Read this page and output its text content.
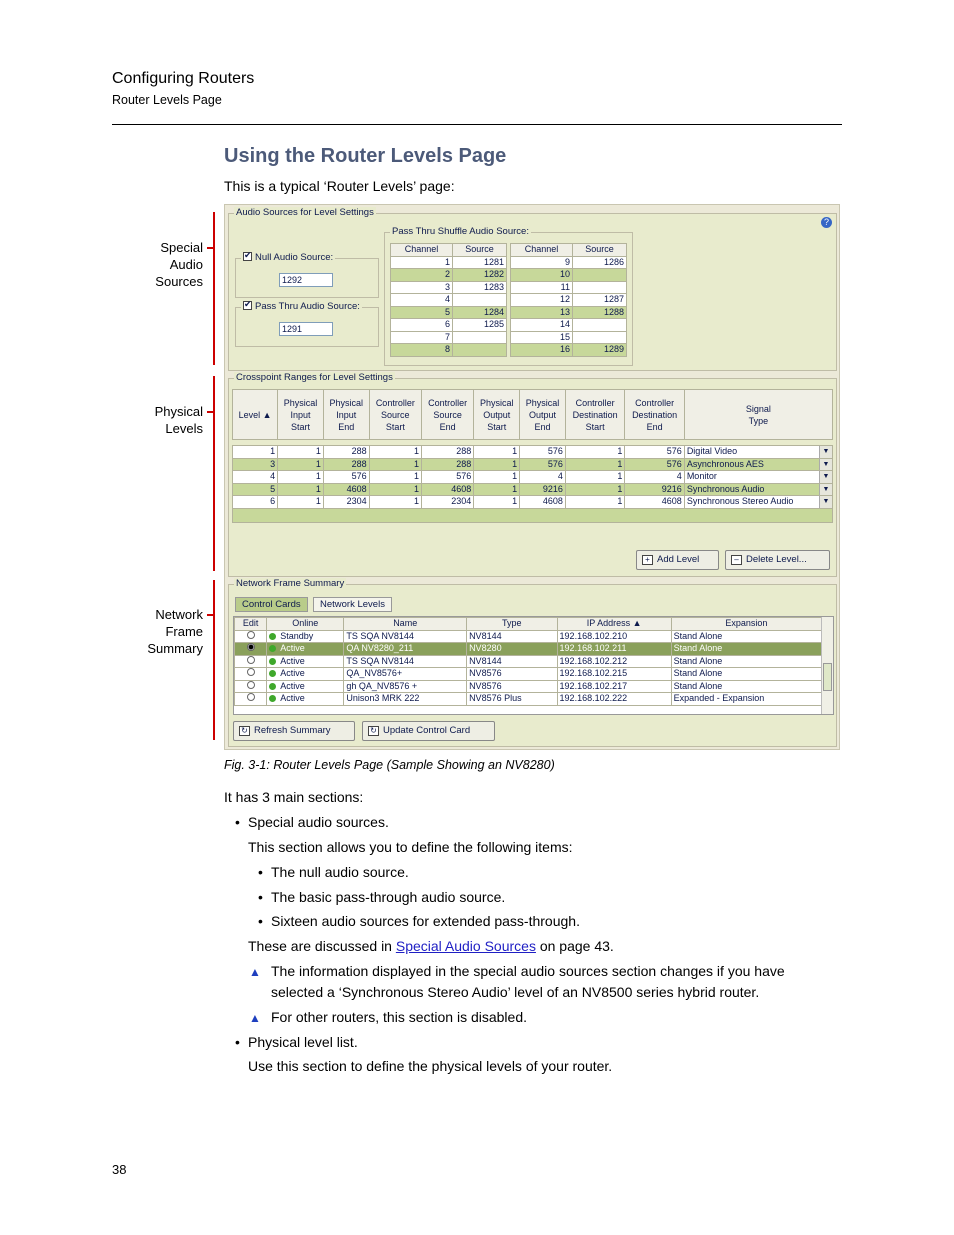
Configuring Routers
Router Levels Page
Using the Router Levels Page
This is a typical ‘Router Levels’ page:
Special
Audio
Sources
Physical
Levels
Network
Frame
Summary
Audio Sources for Level Settings
?
✔Null Audio Source:
1292
✔Pass Thru Audio Source:
1291
Pass Thru Shuffle Audio Source:
Channel	Source
1	1281
2	1282
3	1283
4	
5	1284
6	1285
7	
8	
Channel	Source
9	1286
10	
11	
12	1287
13	1288
14	
15	
16	1289
Crosspoint Ranges for Level Settings
Level ▲	Physical
Input
Start	Physical
Input
End	Controller
Source
Start	Controller
Source
End	Physical
Output
Start	Physical
Output
End	Controller
Destination
Start	Controller
Destination
End	Signal
Type

1	1	288	1	288	1	576	1	576	Digital Video ▼

3	1	288	1	288	1	576	1	576	Asynchronous AES ▼

4	1	576	1	576	1	4	1	4	Monitor ▼

5	1	4608	1	4608	1	9216	1	9216	Synchronous Audio ▼

6	1	2304	1	2304	1	4608	1	4608	Synchronous Stereo Audio ▼

+ Add Level	– Delete Level...
Network Frame Summary
Control Cards	Network Levels
Edit	Online	Name	Type	IP Address ▲	Expansion
	Standby	TS SQA NV8144	NV8144	192.168.102.210	Stand Alone
	Active	QA NV8280_211	NV8280	192.168.102.211	Stand Alone
	Active	TS SQA NV8144	NV8144	192.168.102.212	Stand Alone
	Active	QA_NV8576+	NV8576	192.168.102.215	Stand Alone
	Active	gh QA_NV8576 +	NV8576	192.168.102.217	Stand Alone
	Active	Unison3 MRK 222	NV8576 Plus	192.168.102.222	Expanded - Expansion
↻ Refresh Summary	↻ Update Control Card
Fig. 3-1: Router Levels Page (Sample Showing an NV8280)
It has 3 main sections:
• Special audio sources.
This section allows you to define the following items:
• The null audio source.
• The basic pass-through audio source.
• Sixteen audio sources for extended pass-through.
These are discussed in Special Audio Sources on page 43.
▲ The information displayed in the special audio sources section changes if you have selected a ‘Synchronous Stereo Audio’ level of an NV8500 series hybrid router.
▲ For other routers, this section is disabled.
• Physical level list.
Use this section to define the physical levels of your router.
38
